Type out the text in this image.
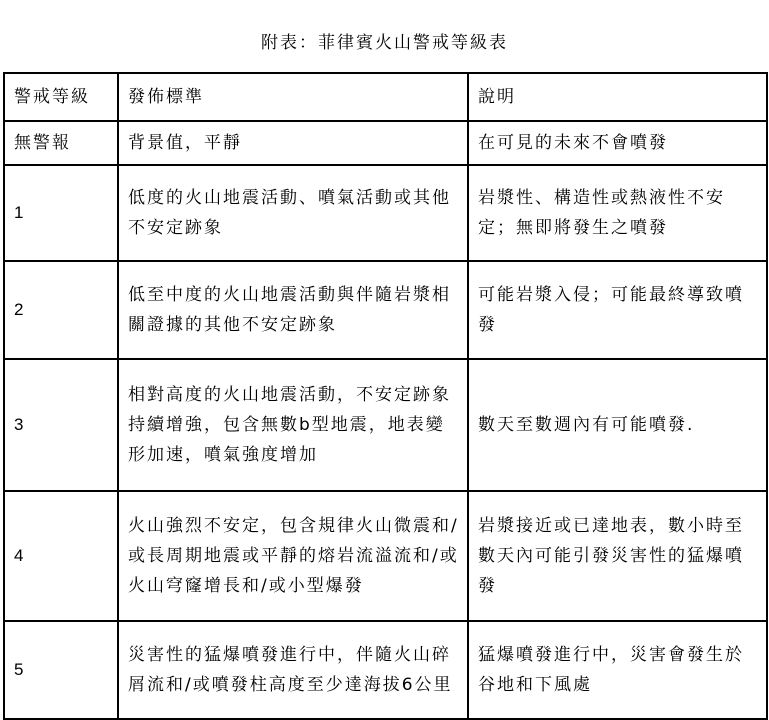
附表：菲律賓火山警戒等級表
警戒等級	發佈標準	說明
無警報	背景值，平靜	在可見的未來不會噴發
1	低度的火山地震活動、噴氣活動或其他不安定跡象	岩漿性、構造性或熱液性不安定；無即將發生之噴發
2	低至中度的火山地震活動與伴隨岩漿相關證據的其他不安定跡象	可能岩漿入侵；可能最終導致噴發
3	相對高度的火山地震活動，不安定跡象持續增強，包含無數b型地震，地表變形加速，噴氣強度增加	數天至數週內有可能噴發.
4	火山強烈不安定，包含規律火山微震和/或長周期地震或平靜的熔岩流溢流和/或火山穹窿增長和/或小型爆發	岩漿接近或已達地表，數小時至數天內可能引發災害性的猛爆噴發
5	災害性的猛爆噴發進行中，伴隨火山碎屑流和/或噴發柱高度至少達海拔6公里	猛爆噴發進行中，災害會發生於谷地和下風處
